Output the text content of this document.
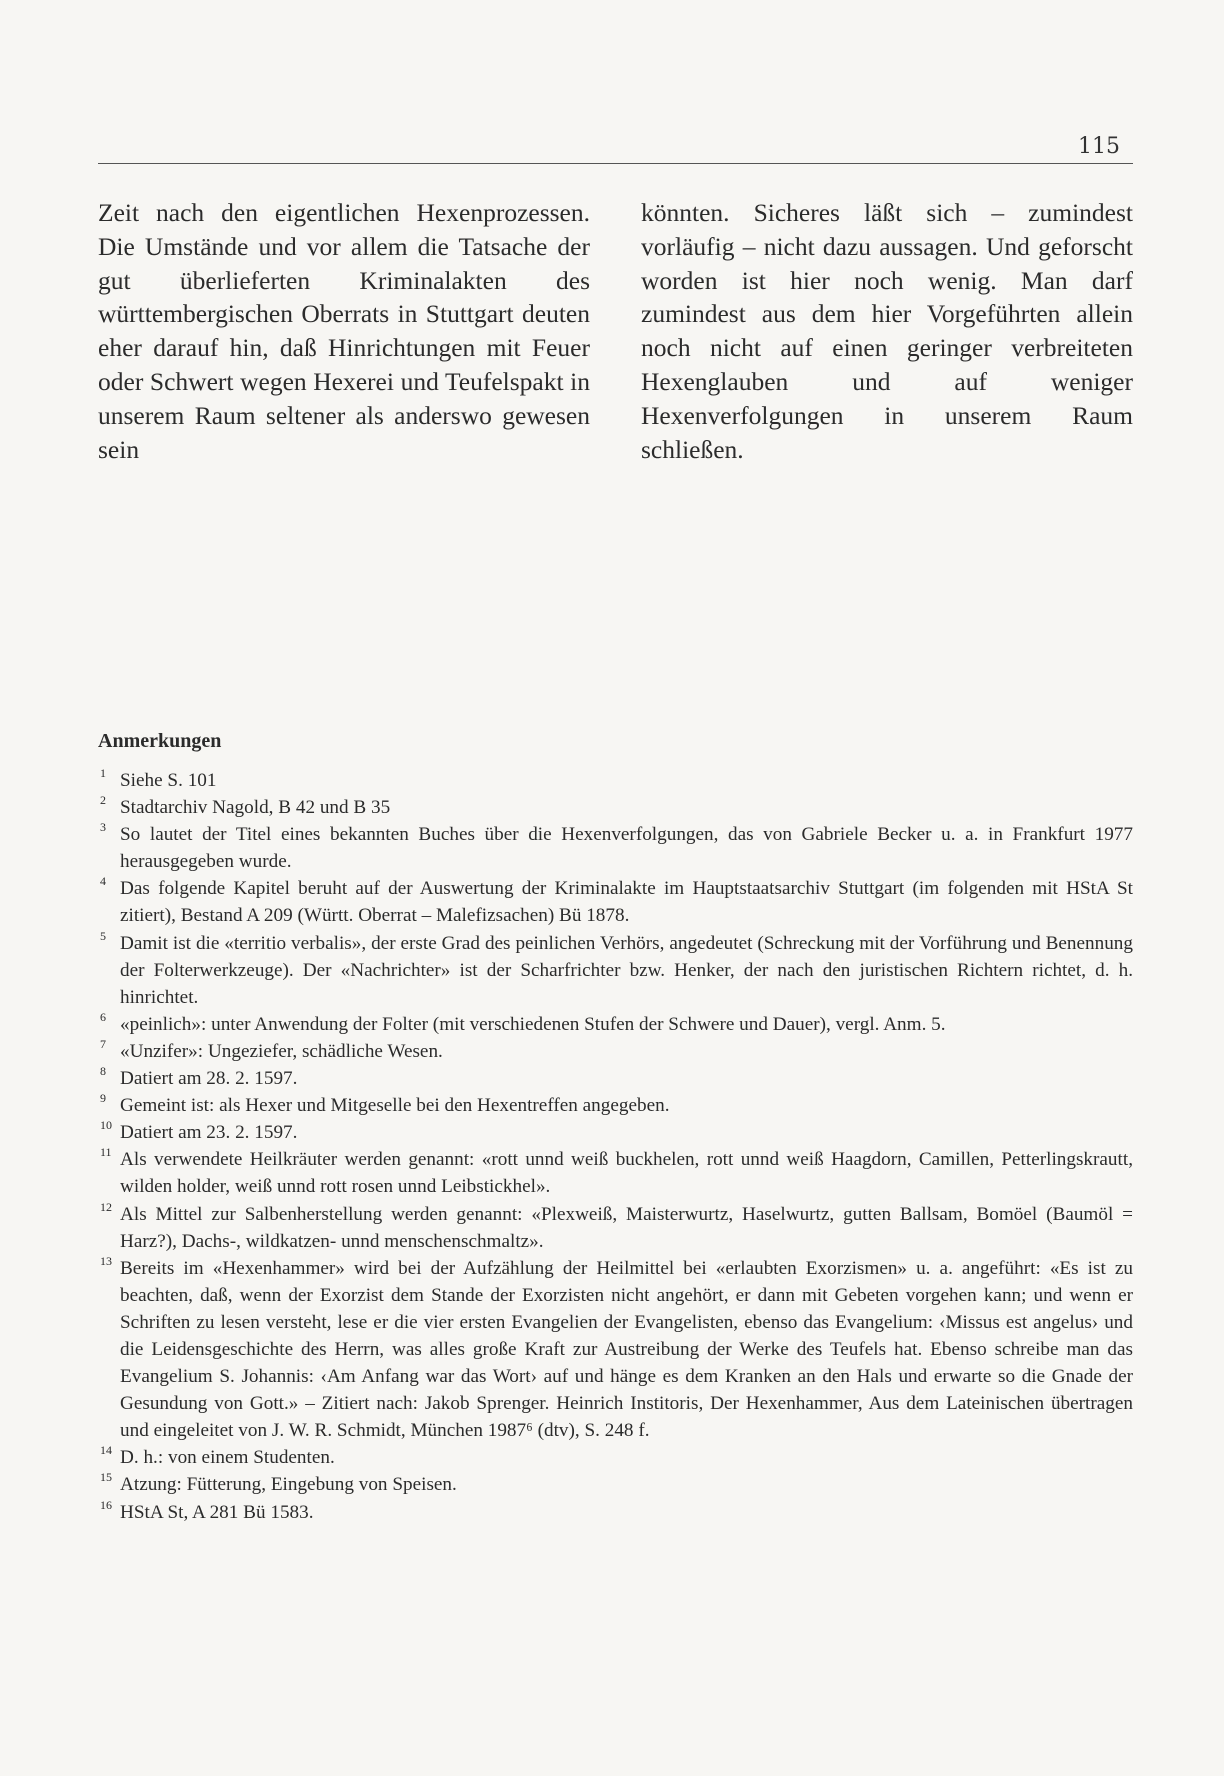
115

Zeit nach den eigentlichen Hexenprozessen. Die Umstände und vor allem die Tatsache der gut überlieferten Kriminalakten des württembergischen Oberrats in Stuttgart deuten eher darauf hin, daß Hinrichtungen mit Feuer oder Schwert wegen Hexerei und Teufelspakt in unserem Raum seltener als anderswo gewesen sein

könnten. Sicheres läßt sich – zumindest vorläufig – nicht dazu aussagen. Und geforscht worden ist hier noch wenig. Man darf zumindest aus dem hier Vorgeführten allein noch nicht auf einen geringer verbreiteten Hexenglauben und auf weniger Hexenverfolgungen in unserem Raum schließen.

Anmerkungen
1 Siehe S. 101
2 Stadtarchiv Nagold, B 42 und B 35
3 So lautet der Titel eines bekannten Buches über die Hexenverfolgungen, das von Gabriele Becker u. a. in Frankfurt 1977 herausgegeben wurde.
4 Das folgende Kapitel beruht auf der Auswertung der Kriminalakte im Hauptstaatsarchiv Stuttgart (im folgenden mit HStA St zitiert), Bestand A 209 (Württ. Oberrat – Malefizsachen) Bü 1878.
5 Damit ist die «territio verbalis», der erste Grad des peinlichen Verhörs, angedeutet (Schreckung mit der Vorführung und Benennung der Folterwerkzeuge). Der «Nachrichter» ist der Scharfrichter bzw. Henker, der nach den juristischen Richtern richtet, d. h. hinrichtet.
6 «peinlich»: unter Anwendung der Folter (mit verschiedenen Stufen der Schwere und Dauer), vergl. Anm. 5.
7 «Unzifer»: Ungeziefer, schädliche Wesen.
8 Datiert am 28. 2. 1597.
9 Gemeint ist: als Hexer und Mitgeselle bei den Hexentreffen angegeben.
10 Datiert am 23. 2. 1597.
11 Als verwendete Heilkräuter werden genannt: «rott unnd weiß buckhelen, rott unnd weiß Haagdorn, Camillen, Petterlingskrautt, wilden holder, weiß unnd rott rosen unnd Leibstickhel».
12 Als Mittel zur Salbenherstellung werden genannt: «Plexweiß, Maisterwurtz, Haselwurtz, gutten Ballsam, Bomöel (Baumöl = Harz?), Dachs-, wildkatzen- unnd menschenschmaltz».
13 Bereits im «Hexenhammer» wird bei der Aufzählung der Heilmittel bei «erlaubten Exorzismen» u. a. angeführt: «Es ist zu beachten, daß, wenn der Exorzist dem Stande der Exorzisten nicht angehört, er dann mit Gebeten vorgehen kann; und wenn er Schriften zu lesen versteht, lese er die vier ersten Evangelien der Evangelisten, ebenso das Evangelium: ‹Missus est angelus› und die Leidensgeschichte des Herrn, was alles große Kraft zur Austreibung der Werke des Teufels hat. Ebenso schreibe man das Evangelium S. Johannis: ‹Am Anfang war das Wort› auf und hänge es dem Kranken an den Hals und erwarte so die Gnade der Gesundung von Gott.» – Zitiert nach: Jakob Sprenger. Heinrich Institoris, Der Hexenhammer, Aus dem Lateinischen übertragen und eingeleitet von J. W. R. Schmidt, München 1987⁶ (dtv), S. 248 f.
14 D. h.: von einem Studenten.
15 Atzung: Fütterung, Eingebung von Speisen.
16 HStA St, A 281 Bü 1583.
